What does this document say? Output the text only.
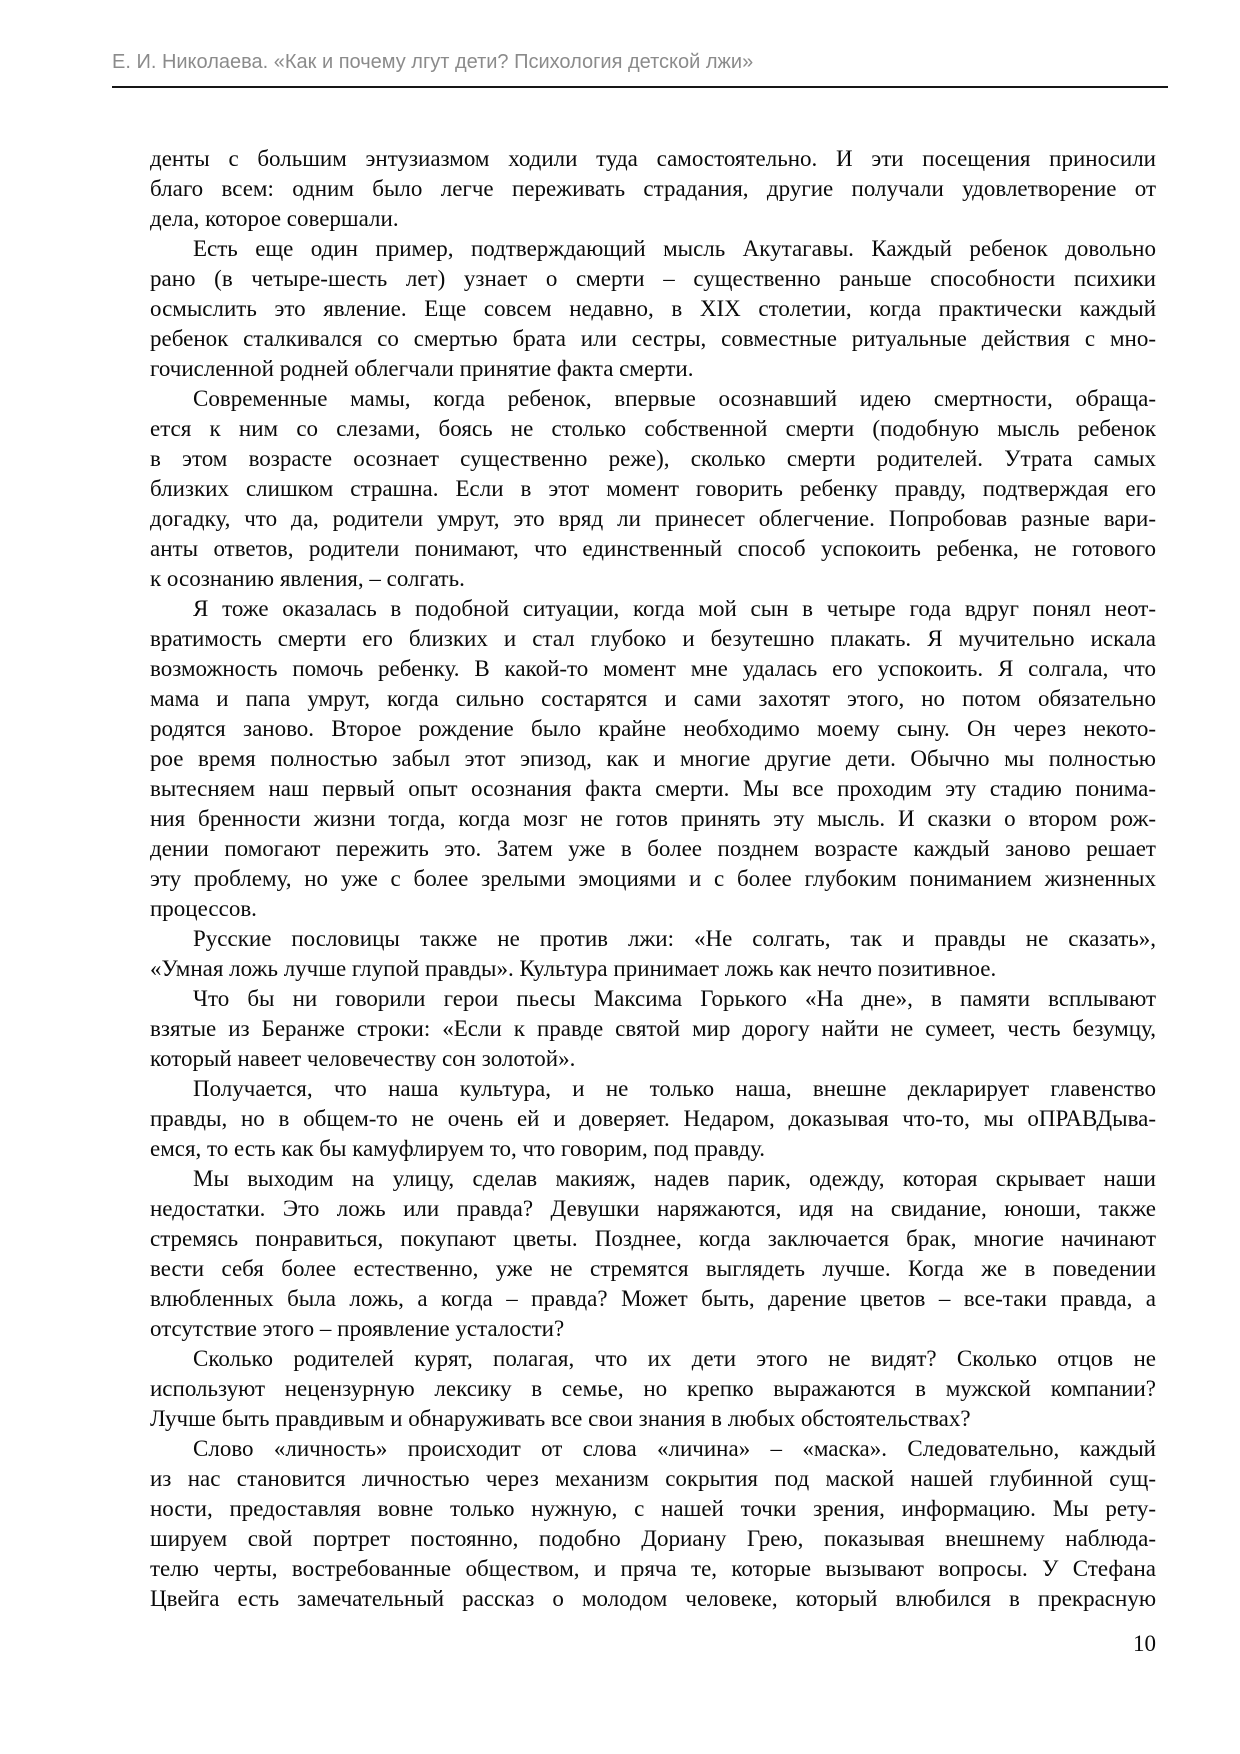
Е. И. Николаева. «Как и почему лгут дети? Психология детской лжи»
денты с большим энтузиазмом ходили туда самостоятельно. И эти посещения приносили
благо всем: одним было легче переживать страдания, другие получали удовлетворение от
дела, которое совершали.
Есть еще один пример, подтверждающий мысль Акутагавы. Каждый ребенок довольно
рано (в четыре-шесть лет) узнает о смерти – существенно раньше способности психики
осмыслить это явление. Еще совсем недавно, в XIX столетии, когда практически каждый
ребенок сталкивался со смертью брата или сестры, совместные ритуальные действия с мно-
гочисленной родней облегчали принятие факта смерти.
Современные мамы, когда ребенок, впервые осознавший идею смертности, обраща-
ется к ним со слезами, боясь не столько собственной смерти (подобную мысль ребенок
в этом возрасте осознает существенно реже), сколько смерти родителей. Утрата самых
близких слишком страшна. Если в этот момент говорить ребенку правду, подтверждая его
догадку, что да, родители умрут, это вряд ли принесет облегчение. Попробовав разные вари-
анты ответов, родители понимают, что единственный способ успокоить ребенка, не готового
к осознанию явления, – солгать.
Я тоже оказалась в подобной ситуации, когда мой сын в четыре года вдруг понял неот-
вратимость смерти его близких и стал глубоко и безутешно плакать. Я мучительно искала
возможность помочь ребенку. В какой-то момент мне удалась его успокоить. Я солгала, что
мама и папа умрут, когда сильно состарятся и сами захотят этого, но потом обязательно
родятся заново. Второе рождение было крайне необходимо моему сыну. Он через некото-
рое время полностью забыл этот эпизод, как и многие другие дети. Обычно мы полностью
вытесняем наш первый опыт осознания факта смерти. Мы все проходим эту стадию понима-
ния бренности жизни тогда, когда мозг не готов принять эту мысль. И сказки о втором рож-
дении помогают пережить это. Затем уже в более позднем возрасте каждый заново решает
эту проблему, но уже с более зрелыми эмоциями и с более глубоким пониманием жизненных
процессов.
Русские пословицы также не против лжи: «Не солгать, так и правды не сказать»,
«Умная ложь лучше глупой правды». Культура принимает ложь как нечто позитивное.
Что бы ни говорили герои пьесы Максима Горького «На дне», в памяти всплывают
взятые из Беранже строки: «Если к правде святой мир дорогу найти не сумеет, честь безумцу,
который навеет человечеству сон золотой».
Получается, что наша культура, и не только наша, внешне декларирует главенство
правды, но в общем-то не очень ей и доверяет. Недаром, доказывая что-то, мы оПРАВДыва-
емся, то есть как бы камуфлируем то, что говорим, под правду.
Мы выходим на улицу, сделав макияж, надев парик, одежду, которая скрывает наши
недостатки. Это ложь или правда? Девушки наряжаются, идя на свидание, юноши, также
стремясь понравиться, покупают цветы. Позднее, когда заключается брак, многие начинают
вести себя более естественно, уже не стремятся выглядеть лучше. Когда же в поведении
влюбленных была ложь, а когда – правда? Может быть, дарение цветов – все-таки правда, а
отсутствие этого – проявление усталости?
Сколько родителей курят, полагая, что их дети этого не видят? Сколько отцов не
используют нецензурную лексику в семье, но крепко выражаются в мужской компании?
Лучше быть правдивым и обнаруживать все свои знания в любых обстоятельствах?
Слово «личность» происходит от слова «личина» – «маска». Следовательно, каждый
из нас становится личностью через механизм сокрытия под маской нашей глубинной сущ-
ности, предоставляя вовне только нужную, с нашей точки зрения, информацию. Мы рету-
шируем свой портрет постоянно, подобно Дориану Грею, показывая внешнему наблюда-
телю черты, востребованные обществом, и пряча те, которые вызывают вопросы. У Стефана
Цвейга есть замечательный рассказ о молодом человеке, который влюбился в прекрасную
10
